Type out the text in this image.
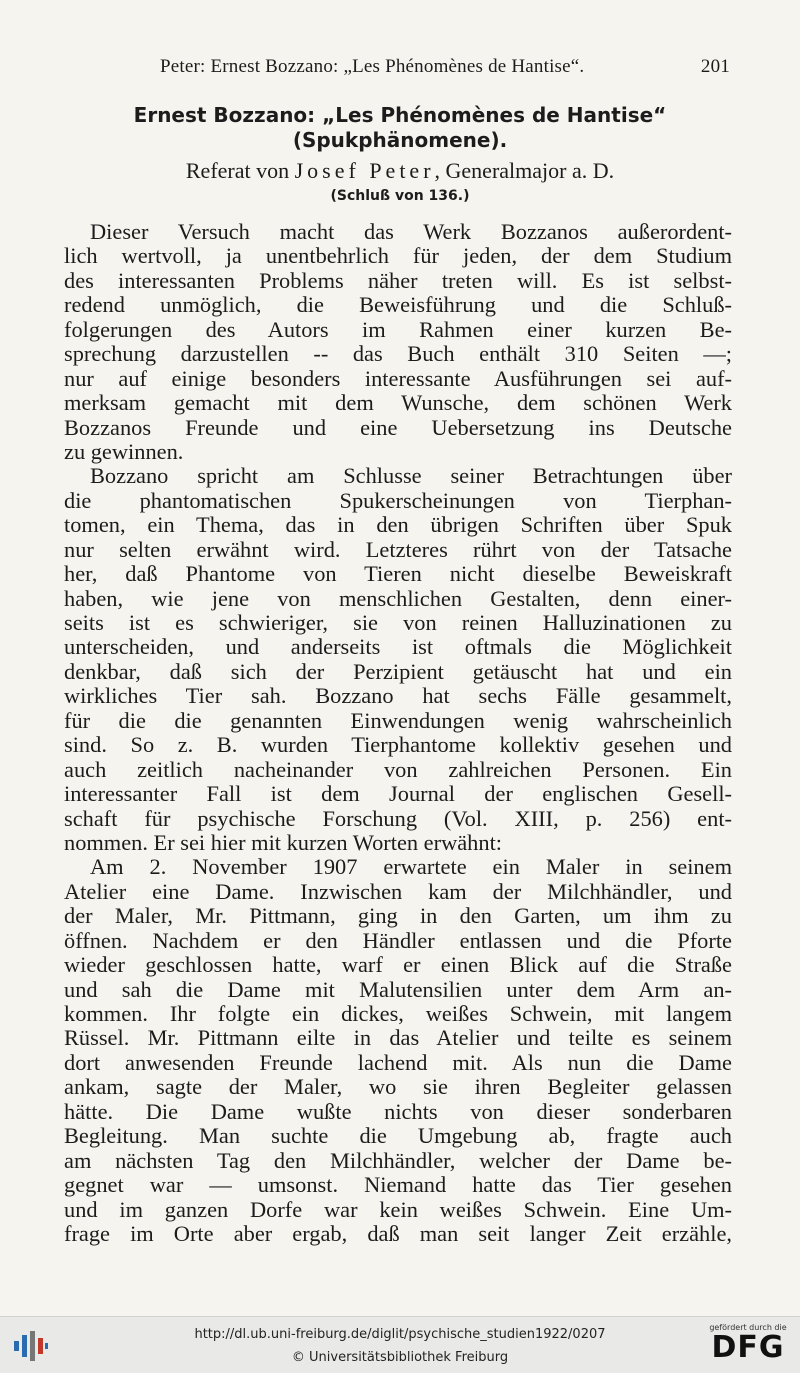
Peter: Ernest Bozzano: „Les Phénomènes de Hantise“.	201
Ernest Bozzano: „Les Phénomènes de Hantise“
(Spukphänomene).
Referat von Josef Peter, Generalmajor a. D.
(Schluß von 136.)
Dieser Versuch macht das Werk Bozzanos außerordent-
lich wertvoll, ja unentbehrlich für jeden, der dem Studium
des interessanten Problems näher treten will. Es ist selbst-
redend unmöglich, die Beweisführung und die Schluß-
folgerungen des Autors im Rahmen einer kurzen Be-
sprechung darzustellen -- das Buch enthält 310 Seiten —;
nur auf einige besonders interessante Ausführungen sei auf-
merksam gemacht mit dem Wunsche, dem schönen Werk
Bozzanos Freunde und eine Uebersetzung ins Deutsche
zu gewinnen.
Bozzano spricht am Schlusse seiner Betrachtungen über
die phantomatischen Spukerscheinungen von Tierphan-
tomen, ein Thema, das in den übrigen Schriften über Spuk
nur selten erwähnt wird. Letzteres rührt von der Tatsache
her, daß Phantome von Tieren nicht dieselbe Beweiskraft
haben, wie jene von menschlichen Gestalten, denn einer-
seits ist es schwieriger, sie von reinen Halluzinationen zu
unterscheiden, und anderseits ist oftmals die Möglichkeit
denkbar, daß sich der Perzipient getäuscht hat und ein
wirkliches Tier sah. Bozzano hat sechs Fälle gesammelt,
für die die genannten Einwendungen wenig wahrscheinlich
sind. So z. B. wurden Tierphantome kollektiv gesehen und
auch zeitlich nacheinander von zahlreichen Personen. Ein
interessanter Fall ist dem Journal der englischen Gesell-
schaft für psychische Forschung (Vol. XIII, p. 256) ent-
nommen. Er sei hier mit kurzen Worten erwähnt:
Am 2. November 1907 erwartete ein Maler in seinem
Atelier eine Dame. Inzwischen kam der Milchhändler, und
der Maler, Mr. Pittmann, ging in den Garten, um ihm zu
öffnen. Nachdem er den Händler entlassen und die Pforte
wieder geschlossen hatte, warf er einen Blick auf die Straße
und sah die Dame mit Malutensilien unter dem Arm an-
kommen. Ihr folgte ein dickes, weißes Schwein, mit langem
Rüssel. Mr. Pittmann eilte in das Atelier und teilte es seinem
dort anwesenden Freunde lachend mit. Als nun die Dame
ankam, sagte der Maler, wo sie ihren Begleiter gelassen
hätte. Die Dame wußte nichts von dieser sonderbaren
Begleitung. Man suchte die Umgebung ab, fragte auch
am nächsten Tag den Milchhändler, welcher der Dame be-
gegnet war — umsonst. Niemand hatte das Tier gesehen
und im ganzen Dorfe war kein weißes Schwein. Eine Um-
frage im Orte aber ergab, daß man seit langer Zeit erzähle,
http://dl.ub.uni-freiburg.de/diglit/psychische_studien1922/0207
© Universitätsbibliothek Freiburg
gefördert durch die
DFG
